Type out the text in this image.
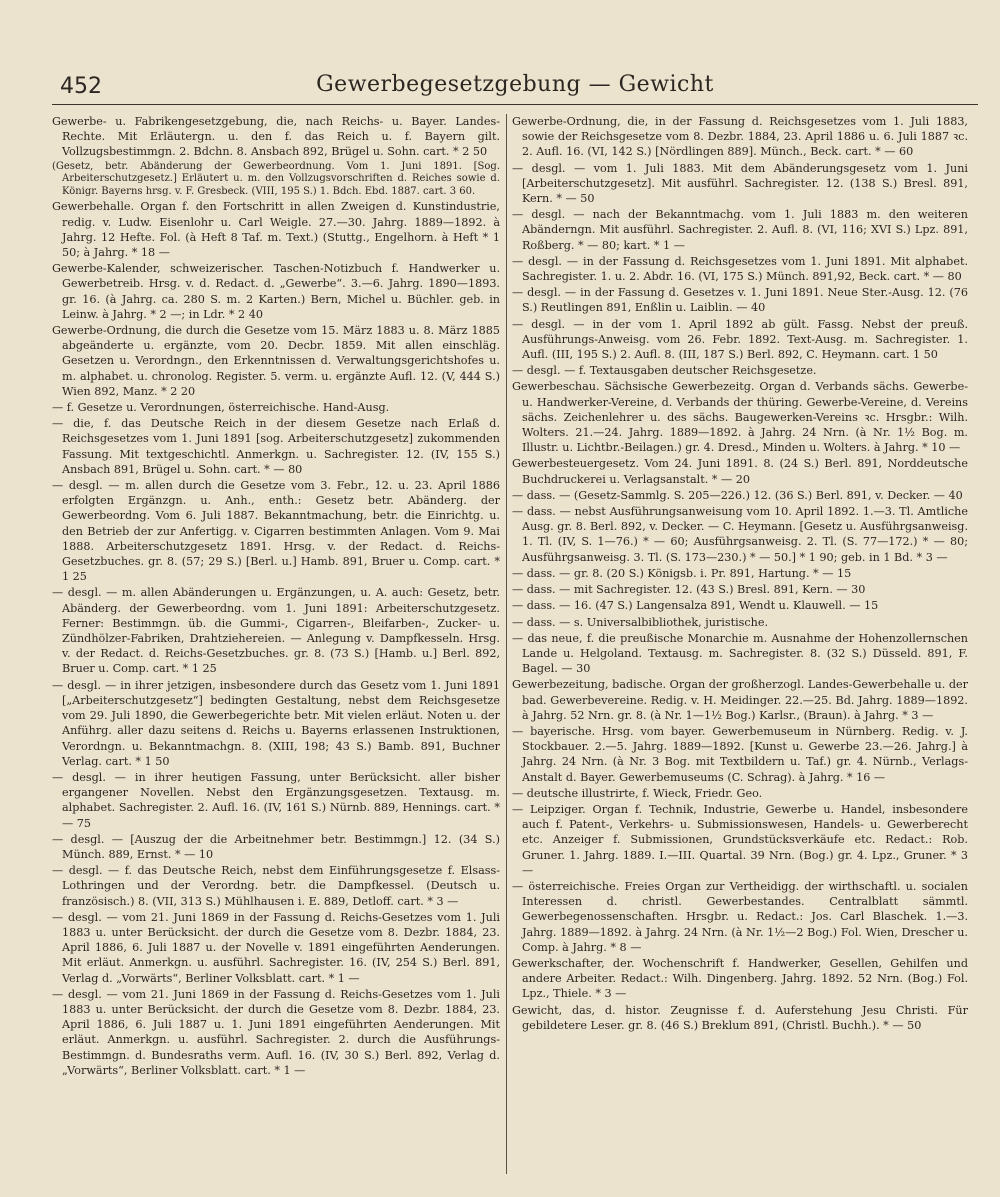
452	Gewerbegesetzgebung — Gewicht

Gewerbe- u. Fabrikengesetzgebung, die, nach Reichs- u. Bayer. Landes-Rechte. Mit Erläutergn. u. den f. das Reich u. f. Bayern gilt. Vollzugsbestimmgn. 2. Bdchn. 8. Ansbach 892, Brügel u. Sohn. cart. * 2 50

(Gesetz, betr. Abänderung der Gewerbeordnung. Vom 1. Juni 1891. [Sog. Arbeiterschutzgesetz.] Erläutert u. m. den Vollzugsvorschriften d. Reiches sowie d. Königr. Bayerns hrsg. v. F. Gresbeck. (VIII, 195 S.) 1. Bdch. Ebd. 1887. cart. 3 60.

Gewerbehalle. Organ f. den Fortschritt in allen Zweigen d. Kunstindustrie, redig. v. Ludw. Eisenlohr u. Carl Weigle. 27.—30. Jahrg. 1889—1892. à Jahrg. 12 Hefte. Fol. (à Heft 8 Taf. m. Text.) (Stuttg., Engelhorn. à Heft * 1 50; à Jahrg. * 18 —

Gewerbe-Kalender, schweizerischer. Taschen-Notizbuch f. Handwerker u. Gewerbetreib. Hrsg. v. d. Redact. d. „Gewerbe“. 3.—6. Jahrg. 1890—1893. gr. 16. (à Jahrg. ca. 280 S. m. 2 Karten.) Bern, Michel u. Büchler. geb. in Leinw. à Jahrg. * 2 —; in Ldr. * 2 40

Gewerbe-Ordnung, die durch die Gesetze vom 15. März 1883 u. 8. März 1885 abgeänderte u. ergänzte, vom 20. Decbr. 1859. Mit allen einschläg. Gesetzen u. Verordngn., den Erkenntnissen d. Verwaltungsgerichtshofes u. m. alphabet. u. chronolog. Register. 5. verm. u. ergänzte Aufl. 12. (V, 444 S.) Wien 892, Manz. * 2 20

— f. Gesetze u. Verordnungen, österreichische. Hand-Ausg.

— die, f. das Deutsche Reich in der diesem Gesetze nach Erlaß d. Reichsgesetzes vom 1. Juni 1891 [sog. Arbeiterschutzgesetz] zukommenden Fassung. Mit textgeschichtl. Anmerkgn. u. Sachregister. 12. (IV, 155 S.) Ansbach 891, Brügel u. Sohn. cart. * — 80

— desgl. — m. allen durch die Gesetze vom 3. Febr., 12. u. 23. April 1886 erfolgten Ergänzgn. u. Anh., enth.: Gesetz betr. Abänderg. der Gewerbeordng. Vom 6. Juli 1887. Bekanntmachung, betr. die Einrichtg. u. den Betrieb der zur Anfertigg. v. Cigarren bestimmten Anlagen. Vom 9. Mai 1888. Arbeiterschutzgesetz 1891. Hrsg. v. der Redact. d. Reichs-Gesetzbuches. gr. 8. (57; 29 S.) [Berl. u.] Hamb. 891, Bruer u. Comp. cart. * 1 25

— desgl. — m. allen Abänderungen u. Ergänzungen, u. A. auch: Gesetz, betr. Abänderg. der Gewerbeordng. vom 1. Juni 1891: Arbeiterschutzgesetz. Ferner: Bestimmgn. üb. die Gummi-, Cigarren-, Bleifarben-, Zucker- u. Zündhölzer-Fabriken, Drahtziehereien. — Anlegung v. Dampfkesseln. Hrsg. v. der Redact. d. Reichs-Gesetzbuches. gr. 8. (73 S.) [Hamb. u.] Berl. 892, Bruer u. Comp. cart. * 1 25

— desgl. — in ihrer jetzigen, insbesondere durch das Gesetz vom 1. Juni 1891 [„Arbeiterschutzgesetz“] bedingten Gestaltung, nebst dem Reichsgesetze vom 29. Juli 1890, die Gewerbegerichte betr. Mit vielen erläut. Noten u. der Anführg. aller dazu seitens d. Reichs u. Bayerns erlassenen Instruktionen, Verordngn. u. Bekanntmachgn. 8. (XIII, 198; 43 S.) Bamb. 891, Buchner Verlag. cart. * 1 50

— desgl. — in ihrer heutigen Fassung, unter Berücksicht. aller bisher ergangener Novellen. Nebst den Ergänzungsgesetzen. Textausg. m. alphabet. Sachregister. 2. Aufl. 16. (IV, 161 S.) Nürnb. 889, Hennings. cart. * — 75

— desgl. — [Auszug der die Arbeitnehmer betr. Bestimmgn.] 12. (34 S.) Münch. 889, Ernst. * — 10

— desgl. — f. das Deutsche Reich, nebst dem Einführungsgesetze f. Elsass-Lothringen und der Verordng. betr. die Dampfkessel. (Deutsch u. französisch.) 8. (VII, 313 S.) Mühlhausen i. E. 889, Detloff. cart. * 3 —

— desgl. — vom 21. Juni 1869 in der Fassung d. Reichs-Gesetzes vom 1. Juli 1883 u. unter Berücksicht. der durch die Gesetze vom 8. Dezbr. 1884, 23. April 1886, 6. Juli 1887 u. der Novelle v. 1891 eingeführten Aenderungen. Mit erläut. Anmerkgn. u. ausführl. Sachregister. 16. (IV, 254 S.) Berl. 891, Verlag d. „Vorwärts“, Berliner Volksblatt. cart. * 1 —

— desgl. — vom 21. Juni 1869 in der Fassung d. Reichs-Gesetzes vom 1. Juli 1883 u. unter Berücksicht. der durch die Gesetze vom 8. Dezbr. 1884, 23. April 1886, 6. Juli 1887 u. 1. Juni 1891 eingeführten Aenderungen. Mit erläut. Anmerkgn. u. ausführl. Sachregister. 2. durch die Ausführungs-Bestimmgn. d. Bundesraths verm. Aufl. 16. (IV, 30 S.) Berl. 892, Verlag d. „Vorwärts“, Berliner Volksblatt. cart. * 1 —

Gewerbe-Ordnung, die, in der Fassung d. Reichsgesetzes vom 1. Juli 1883, sowie der Reichsgesetze vom 8. Dezbr. 1884, 23. April 1886 u. 6. Juli 1887 ꝛc. 2. Aufl. 16. (VI, 142 S.) [Nördlingen 889]. Münch., Beck. cart. * — 60

— desgl. — vom 1. Juli 1883. Mit dem Abänderungsgesetz vom 1. Juni [Arbeiterschutzgesetz]. Mit ausführl. Sachregister. 12. (138 S.) Bresl. 891, Kern. * — 50

— desgl. — nach der Bekanntmachg. vom 1. Juli 1883 m. den weiteren Abänderngn. Mit ausführl. Sachregister. 2. Aufl. 8. (VI, 116; XVI S.) Lpz. 891, Roßberg. * — 80; kart. * 1 —

— desgl. — in der Fassung d. Reichsgesetzes vom 1. Juni 1891. Mit alphabet. Sachregister. 1. u. 2. Abdr. 16. (VI, 175 S.) Münch. 891,92, Beck. cart. * — 80

— desgl. — in der Fassung d. Gesetzes v. 1. Juni 1891. Neue Ster.-Ausg. 12. (76 S.) Reutlingen 891, Enßlin u. Laiblin. — 40

— desgl. — in der vom 1. April 1892 ab gült. Fassg. Nebst der preuß. Ausführungs-Anweisg. vom 26. Febr. 1892. Text-Ausg. m. Sachregister. 1. Aufl. (III, 195 S.) 2. Aufl. 8. (III, 187 S.) Berl. 892, C. Heymann. cart. 1 50

— desgl. — f. Textausgaben deutscher Reichsgesetze.

Gewerbeschau. Sächsische Gewerbezeitg. Organ d. Verbands sächs. Gewerbe- u. Handwerker-Vereine, d. Verbands der thüring. Gewerbe-Vereine, d. Vereins sächs. Zeichenlehrer u. des sächs. Baugewerken-Vereins ꝛc. Hrsgbr.: Wilh. Wolters. 21.—24. Jahrg. 1889—1892. à Jahrg. 24 Nrn. (à Nr. 1½ Bog. m. Illustr. u. Lichtbr.-Beilagen.) gr. 4. Dresd., Minden u. Wolters. à Jahrg. * 10 —

Gewerbesteuergesetz. Vom 24. Juni 1891. 8. (24 S.) Berl. 891, Norddeutsche Buchdruckerei u. Verlagsanstalt. * — 20

— dass. — (Gesetz-Sammlg. S. 205—226.) 12. (36 S.) Berl. 891, v. Decker. — 40

— dass. — nebst Ausführungsanweisung vom 10. April 1892. 1.—3. Tl. Amtliche Ausg. gr. 8. Berl. 892, v. Decker. — C. Heymann. [Gesetz u. Ausführgsanweisg. 1. Tl. (IV, S. 1—76.) * — 60; Ausführgsanweisg. 2. Tl. (S. 77—172.) * — 80; Ausführgsanweisg. 3. Tl. (S. 173—230.) * — 50.] * 1 90; geb. in 1 Bd. * 3 —

— dass. — gr. 8. (20 S.) Königsb. i. Pr. 891, Hartung. * — 15

— dass. — mit Sachregister. 12. (43 S.) Bresl. 891, Kern. — 30

— dass. — 16. (47 S.) Langensalza 891, Wendt u. Klauwell. — 15

— dass. — s. Universalbibliothek, juristische.

— das neue, f. die preußische Monarchie m. Ausnahme der Hohenzollernschen Lande u. Helgoland. Textausg. m. Sachregister. 8. (32 S.) Düsseld. 891, F. Bagel. — 30

Gewerbezeitung, badische. Organ der großherzogl. Landes-Gewerbehalle u. der bad. Gewerbevereine. Redig. v. H. Meidinger. 22.—25. Bd. Jahrg. 1889—1892. à Jahrg. 52 Nrn. gr. 8. (à Nr. 1—1½ Bog.) Karlsr., (Braun). à Jahrg. * 3 —

— bayerische. Hrsg. vom bayer. Gewerbemuseum in Nürnberg. Redig. v. J. Stockbauer. 2.—5. Jahrg. 1889—1892. [Kunst u. Gewerbe 23.—26. Jahrg.] à Jahrg. 24 Nrn. (à Nr. 3 Bog. mit Textbildern u. Taf.) gr. 4. Nürnb., Verlags-Anstalt d. Bayer. Gewerbemuseums (C. Schrag). à Jahrg. * 16 —

— deutsche illustrirte, f. Wieck, Friedr. Geo.

— Leipziger. Organ f. Technik, Industrie, Gewerbe u. Handel, insbesondere auch f. Patent-, Verkehrs- u. Submissionswesen, Handels- u. Gewerberecht etc. Anzeiger f. Submissionen, Grundstücksverkäufe etc. Redact.: Rob. Gruner. 1. Jahrg. 1889. I.—III. Quartal. 39 Nrn. (Bog.) gr. 4. Lpz., Gruner. * 3 —

— österreichische. Freies Organ zur Vertheidigg. der wirthschaftl. u. socialen Interessen d. christl. Gewerbestandes. Centralblatt sämmtl. Gewerbegenossenschaften. Hrsgbr. u. Redact.: Jos. Carl Blaschek. 1.—3. Jahrg. 1889—1892. à Jahrg. 24 Nrn. (à Nr. 1½—2 Bog.) Fol. Wien, Drescher u. Comp. à Jahrg. * 8 —

Gewerkschafter, der. Wochenschrift f. Handwerker, Gesellen, Gehilfen und andere Arbeiter. Redact.: Wilh. Dingenberg. Jahrg. 1892. 52 Nrn. (Bog.) Fol. Lpz., Thiele. * 3 —

Gewicht, das, d. histor. Zeugnisse f. d. Auferstehung Jesu Christi. Für gebildetere Leser. gr. 8. (46 S.) Breklum 891, (Christl. Buchh.). * — 50
